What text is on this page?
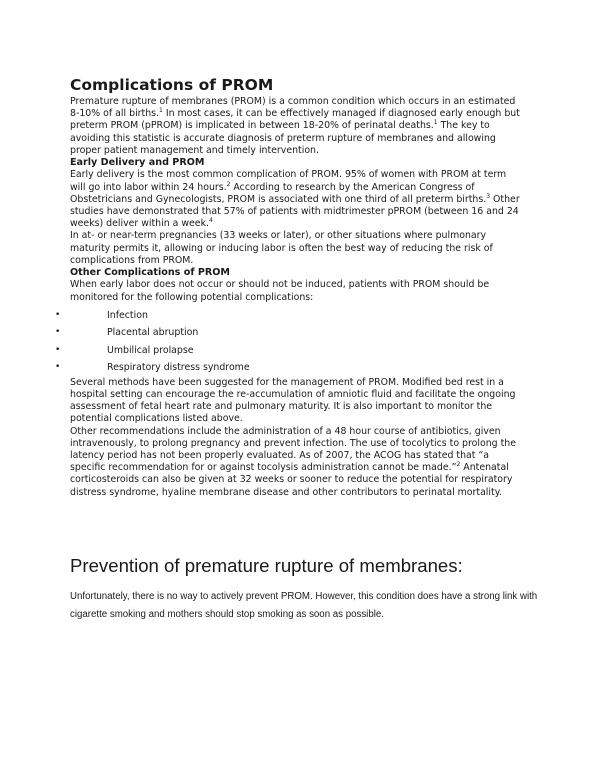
Complications of PROM

Premature rupture of membranes (PROM) is a common condition which occurs in an estimated 8-10% of all births.$^1$ In most cases, it can be effectively managed if diagnosed early enough but preterm PROM (pPROM) is implicated in between 18-20% of perinatal deaths.$^1$ The key to avoiding this statistic is accurate diagnosis of preterm rupture of membranes and allowing proper patient management and timely intervention.

Early Delivery and PROM

Early delivery is the most common complication of PROM. 95% of women with PROM at term will go into labor within 24 hours.$^2$ According to research by the American Congress of Obstetricians and Gynecologists, PROM is associated with one third of all preterm births.$^3$ Other studies have demonstrated that 57% of patients with midtrimester pPROM (between 16 and 24 weeks) deliver within a week.$^4$

In at- or near-term pregnancies (33 weeks or later), or other situations where pulmonary maturity permits it, allowing or inducing labor is often the best way of reducing the risk of complications from PROM.

Other Complications of PROM

When early labor does not occur or should not be induced, patients with PROM should be monitored for the following potential complications:

•	Infection
•	Placental abruption
•	Umbilical prolapse
•	Respiratory distress syndrome

Several methods have been suggested for the management of PROM. Modified bed rest in a hospital setting can encourage the re-accumulation of amniotic fluid and facilitate the ongoing assessment of fetal heart rate and pulmonary maturity. It is also important to monitor the potential complications listed above.

Other recommendations include the administration of a 48 hour course of antibiotics, given intravenously, to prolong pregnancy and prevent infection. The use of tocolytics to prolong the latency period has not been properly evaluated. As of 2007, the ACOG has stated that “a specific recommendation for or against tocolysis administration cannot be made.”$^2$ Antenatal corticosteroids can also be given at 32 weeks or sooner to reduce the potential for respiratory distress syndrome, hyaline membrane disease and other contributors to perinatal mortality.

Prevention of premature rupture of membranes:

Unfortunately, there is no way to actively prevent PROM. However, this condition does have a strong link with cigarette smoking and mothers should stop smoking as soon as possible.
